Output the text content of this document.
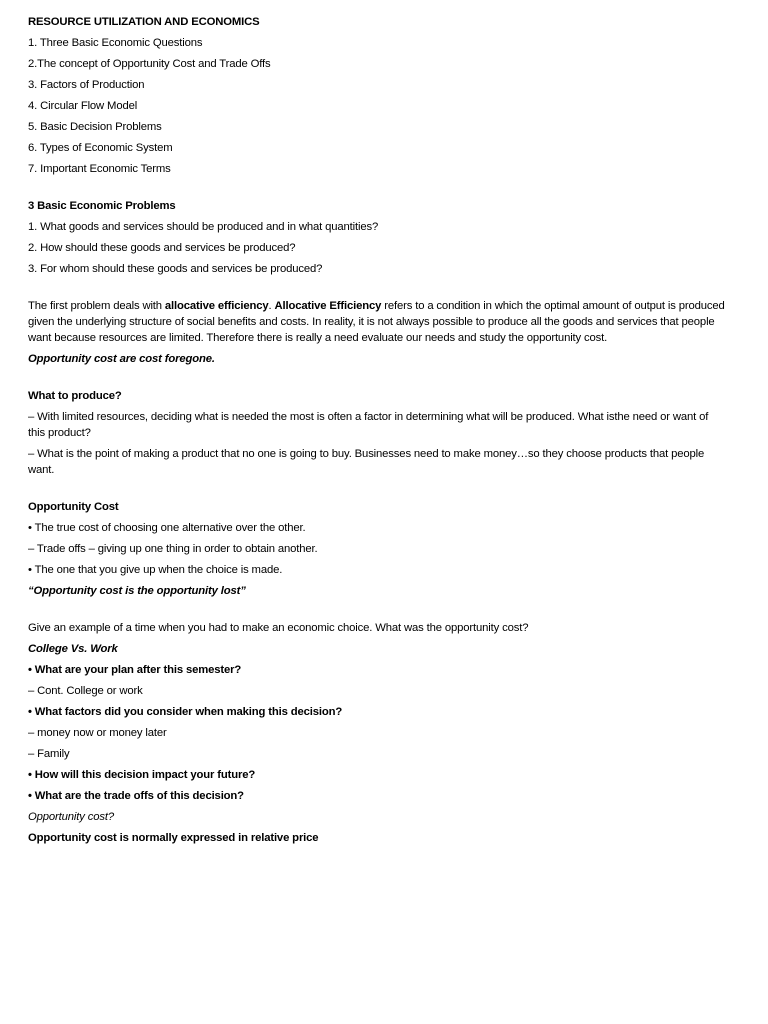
RESOURCE UTILIZATION AND ECONOMICS
1. Three Basic Economic Questions
2.The concept of Opportunity Cost and Trade Offs
3. Factors of Production
4. Circular Flow Model
5. Basic Decision Problems
6. Types of Economic System
7. Important Economic Terms
3 Basic Economic Problems
1. What goods and services should be produced and in what quantities?
2. How should these goods and services be produced?
3. For whom should these goods and services be produced?
The first problem deals with allocative efficiency. Allocative Efficiency refers to a condition in which the optimal amount of output is produced given the underlying structure of social benefits and costs. In reality, it is not always possible to produce all the goods and services that people want because resources are limited. Therefore there is really a need evaluate our needs and study the opportunity cost.
Opportunity cost are cost foregone.
What to produce?
– With limited resources, deciding what is needed the most is often a factor in determining what will be produced. What isthe need or want of this product?
– What is the point of making a product that no one is going to buy. Businesses need to make money…so they choose products that people want.
Opportunity Cost
• The true cost of choosing one alternative over the other.
– Trade offs – giving up one thing in order to obtain another.
• The one that you give up when the choice is made.
“Opportunity cost is the opportunity lost”
Give an example of a time when you had to make an economic choice. What was the opportunity cost?
College Vs. Work
• What are your plan after this semester?
– Cont. College or work
• What factors did you consider when making this decision?
– money now or money later
– Family
• How will this decision impact your future?
• What are the trade offs of this decision?
Opportunity cost?
Opportunity cost is normally expressed in relative price
